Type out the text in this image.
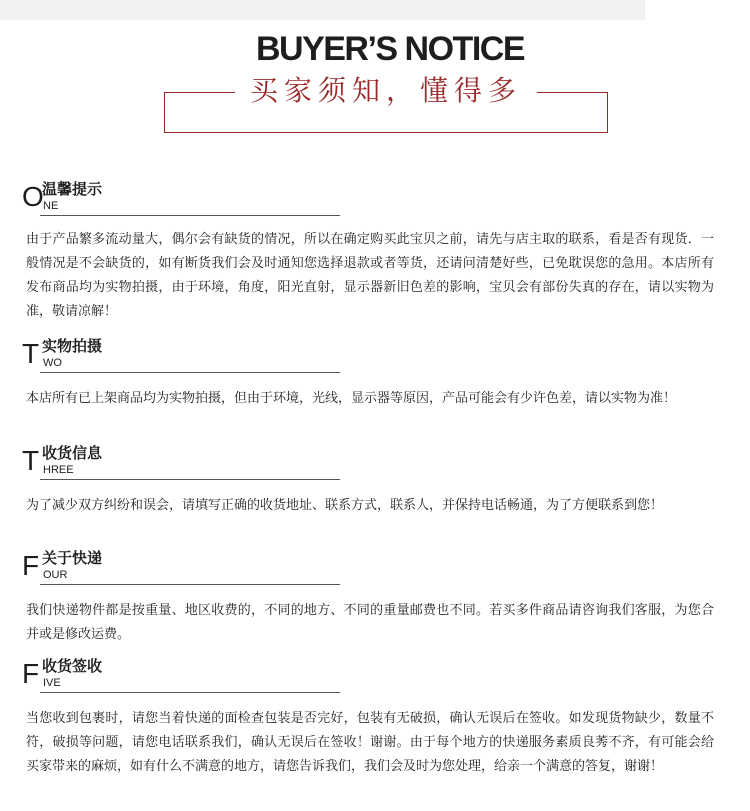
BUYER’S NOTICE
买家须知，懂得多
O
温馨提示
NE
由于产品繁多流动量大，偶尔会有缺货的情况，所以在确定购买此宝贝之前，请先与店主取的联系，看是否有现货．一般情况是不会缺货的，如有断货我们会及时通知您选择退款或者等货，还请问清楚好些，已免耽误您的急用。本店所有发布商品均为实物拍摄，由于环境，角度，阳光直射，显示器新旧色差的影响，宝贝会有部份失真的存在，请以实物为准，敬请凉解！
T 实物拍摄
WO
本店所有已上架商品均为实物拍摄，但由于环境，光线，显示器等原因，产品可能会有少许色差，请以实物为准！
T 收货信息
HREE
为了减少双方纠纷和误会，请填写正确的收货地址、联系方式，联系人，并保持电话畅通，为了方便联系到您！
F 关于快递
OUR
我们快递物件都是按重量、地区收费的，不同的地方、不同的重量邮费也不同。若买多件商品请咨询我们客服，为您合并或是修改运费。
F 收货签收
IVE
当您收到包裹时，请您当着快递的面检查包装是否完好，包装有无破损，确认无误后在签收。如发现货物缺少，数量不符，破损等问题，请您电话联系我们，确认无误后在签收！谢谢。由于每个地方的快递服务素质良莠不齐，有可能会给买家带来的麻烦，如有什么不满意的地方，请您告诉我们，我们会及时为您处理，给亲一个满意的答复，谢谢！
